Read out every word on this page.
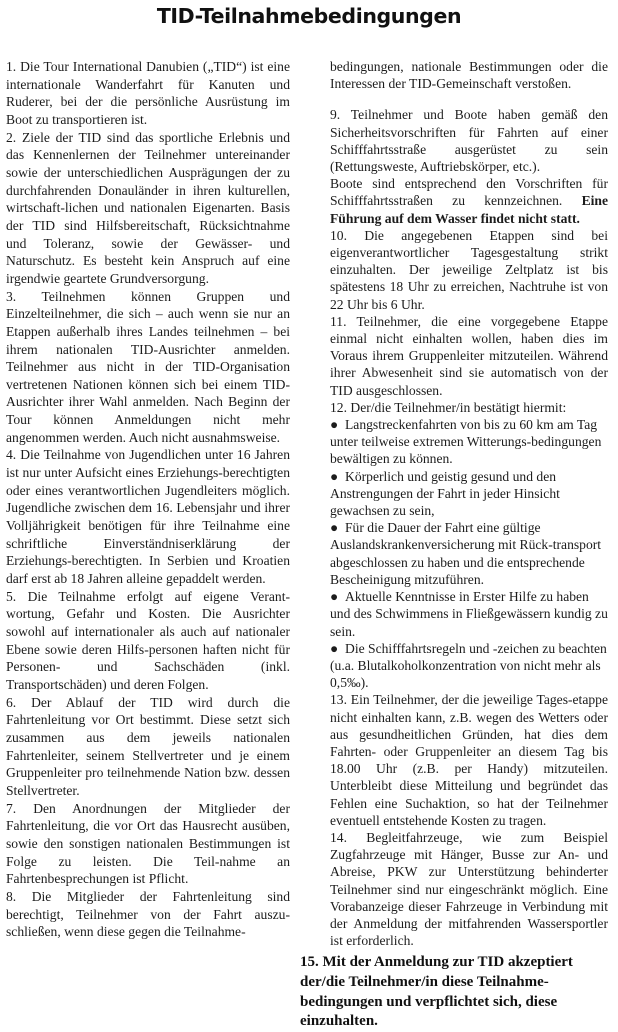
TID-Teilnahmebedingungen

1. Die Tour International Danubien („TID“) ist eine internationale Wanderfahrt für Kanuten und Ruderer, bei der die persönliche Ausrüstung im Boot zu transportieren ist.

2. Ziele der TID sind das sportliche Erlebnis und das Kennenlernen der Teilnehmer untereinander sowie der unterschiedlichen Ausprägungen der zu durchfahrenden Donauländer in ihren kulturellen, wirtschaft-lichen und nationalen Eigenarten. Basis der TID sind Hilfsbereitschaft, Rücksichtnahme und Toleranz, sowie der Gewässer- und Naturschutz. Es besteht kein Anspruch auf eine irgendwie geartete Grundversorgung.

3. Teilnehmen können Gruppen und Einzelteilnehmer, die sich – auch wenn sie nur an Etappen außerhalb ihres Landes teilnehmen – bei ihrem nationalen TID-Ausrichter anmelden. Teilnehmer aus nicht in der TID-Organisation vertretenen Nationen können sich bei einem TID-Ausrichter ihrer Wahl anmelden. Nach Beginn der Tour können Anmeldungen nicht mehr angenommen werden. Auch nicht ausnahmsweise.

4. Die Teilnahme von Jugendlichen unter 16 Jahren ist nur unter Aufsicht eines Erziehungs-berechtigten oder eines verantwortlichen Jugendleiters möglich. Jugendliche zwischen dem 16. Lebensjahr und ihrer Volljährigkeit benötigen für ihre Teilnahme eine schriftliche Einverständniserklärung der Erziehungs-berechtigten. In Serbien und Kroatien darf erst ab 18 Jahren alleine gepaddelt werden.

5. Die Teilnahme erfolgt auf eigene Verant-wortung, Gefahr und Kosten. Die Ausrichter sowohl auf internationaler als auch auf nationaler Ebene sowie deren Hilfs-personen haften nicht für Personen- und Sachschäden (inkl. Transportschäden) und deren Folgen.

6. Der Ablauf der TID wird durch die Fahrtenleitung vor Ort bestimmt. Diese setzt sich zusammen aus dem jeweils nationalen Fahrtenleiter, seinem Stellvertreter und je einem Gruppenleiter pro teilnehmende Nation bzw. dessen Stellvertreter.

7. Den Anordnungen der Mitglieder der Fahrtenleitung, die vor Ort das Hausrecht ausüben, sowie den sonstigen nationalen Bestimmungen ist Folge zu leisten. Die Teil-nahme an Fahrtenbesprechungen ist Pflicht.

8. Die Mitglieder der Fahrtenleitung sind berechtigt, Teilnehmer von der Fahrt auszu-schließen, wenn diese gegen die Teilnahme-

bedingungen, nationale Bestimmungen oder die Interessen der TID-Gemeinschaft verstoßen.

9. Teilnehmer und Boote haben gemäß den Sicherheitsvorschriften für Fahrten auf einer Schifffahrtsstraße ausgerüstet zu sein (Rettungsweste, Auftriebskörper, etc.).

Boote sind entsprechend den Vorschriften für Schifffahrtsstraßen zu kennzeichnen. Eine Führung auf dem Wasser findet nicht statt.

10. Die angegebenen Etappen sind bei eigenverantwortlicher Tagesgestaltung strikt einzuhalten. Der jeweilige Zeltplatz ist bis spätestens 18 Uhr zu erreichen, Nachtruhe ist von 22 Uhr bis 6 Uhr.

11. Teilnehmer, die eine vorgegebene Etappe einmal nicht einhalten wollen, haben dies im Voraus ihrem Gruppenleiter mitzuteilen. Während ihrer Abwesenheit sind sie automatisch von der TID ausgeschlossen.

12. Der/die Teilnehmer/in bestätigt hiermit:

● Langstreckenfahrten von bis zu 60 km am Tag unter teilweise extremen Witterungs-bedingungen bewältigen zu können.

● Körperlich und geistig gesund und den Anstrengungen der Fahrt in jeder Hinsicht gewachsen zu sein,

● Für die Dauer der Fahrt eine gültige Auslandskrankenversicherung mit Rück-transport abgeschlossen zu haben und die entsprechende Bescheinigung mitzuführen.

● Aktuelle Kenntnisse in Erster Hilfe zu haben und des Schwimmens in Fließgewässern kundig zu sein.

● Die Schifffahrtsregeln und -zeichen zu beachten (u.a. Blutalkoholkonzentration von nicht mehr als 0,5‰).

13. Ein Teilnehmer, der die jeweilige Tages-etappe nicht einhalten kann, z.B. wegen des Wetters oder aus gesundheitlichen Gründen, hat dies dem Fahrten- oder Gruppenleiter an diesem Tag bis 18.00 Uhr (z.B. per Handy) mitzuteilen. Unterbleibt diese Mitteilung und begründet das Fehlen eine Suchaktion, so hat der Teilnehmer eventuell entstehende Kosten zu tragen.

14. Begleitfahrzeuge, wie zum Beispiel Zugfahrzeuge mit Hänger, Busse zur An- und Abreise, PKW zur Unterstützung behinderter Teilnehmer sind nur eingeschränkt möglich. Eine Vorabanzeige dieser Fahrzeuge in Verbindung mit der Anmeldung der mitfahrenden Wassersportler ist erforderlich.

15. Mit der Anmeldung zur TID akzeptiert der/die Teilnehmer/in diese Teilnahme-bedingungen und verpflichtet sich, diese einzuhalten.
